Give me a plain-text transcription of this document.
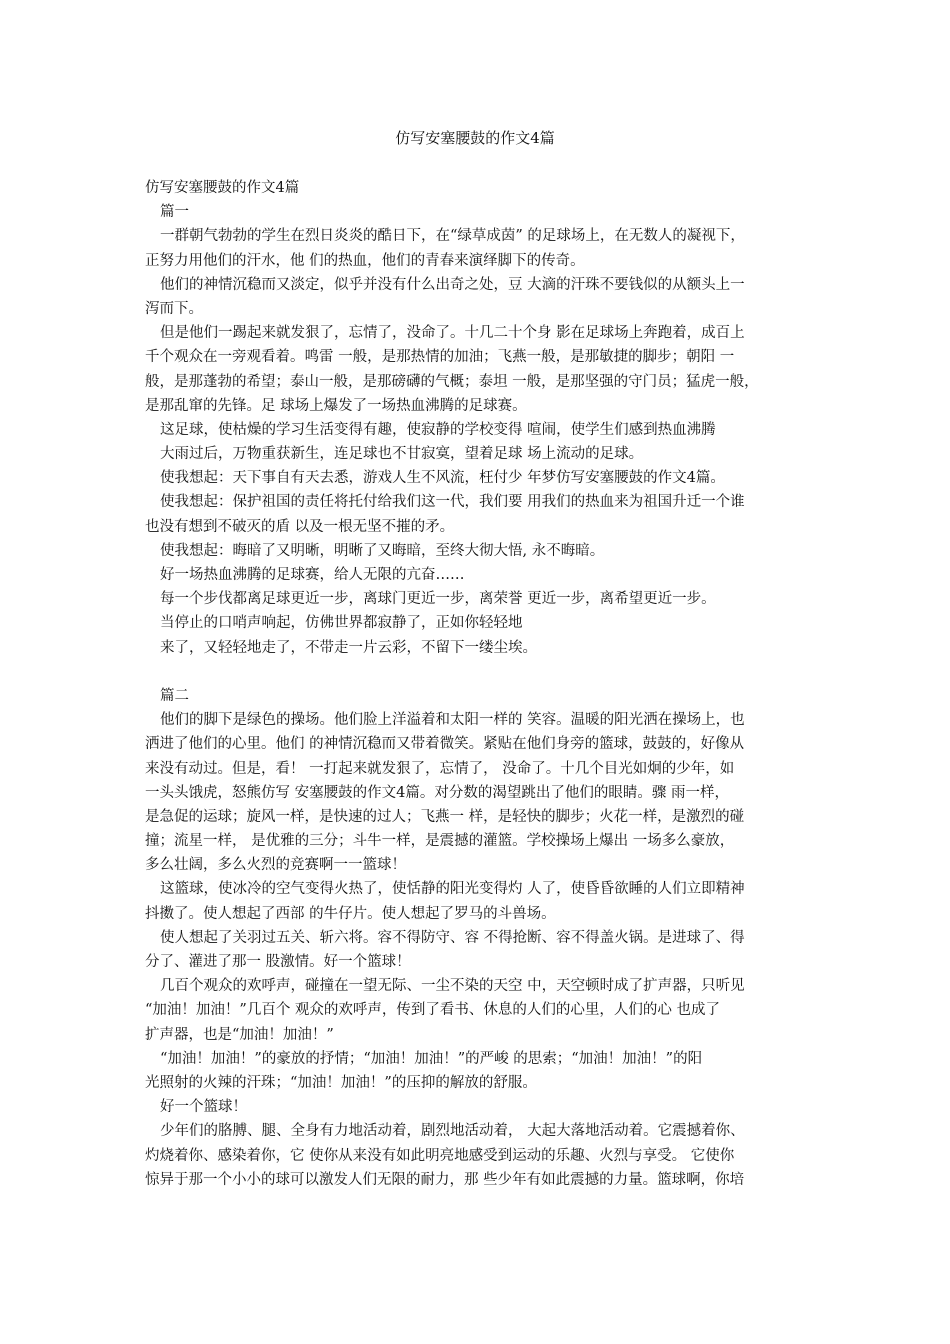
仿写安塞腰鼓的作文4篇
仿写安塞腰鼓的作文4篇
篇一
一群朝气勃勃的学生在烈日炎炎的酷日下，在“绿草成茵” 的足球场上，在无数人的凝视下，
正努力用他们的汗水，他 们的热血，他们的青春来演绎脚下的传奇。
他们的神情沉稳而又淡定，似乎并没有什么出奇之处，豆 大滴的汗珠不要钱似的从额头上一
泻而下。
但是他们一踢起来就发狠了，忘情了，没命了。十几二十个身 影在足球场上奔跑着，成百上
千个观众在一旁观看着。鸣雷 一般，是那热情的加油；飞燕一般，是那敏捷的脚步；朝阳 一
般，是那蓬勃的希望；泰山一般，是那磅礴的气概；泰坦 一般，是那坚强的守门员；猛虎一般，
是那乱窜的先锋。足 球场上爆发了一场热血沸腾的足球赛。
这足球，使枯燥的学习生活变得有趣，使寂静的学校变得 喧闹，使学生们感到热血沸腾
大雨过后，万物重获新生，连足球也不甘寂寞，望着足球 场上流动的足球。
使我想起：天下事自有天去悉，游戏人生不风流，枉付少 年梦仿写安塞腰鼓的作文4篇。
使我想起：保护祖国的责任将托付给我们这一代，我们要 用我们的热血来为祖国升迁一个谁
也没有想到不破灭的盾 以及一根无坚不摧的矛。
使我想起：晦暗了又明晰，明晰了又晦暗，至终大彻大悟, 永不晦暗。
好一场热血沸腾的足球赛，给人无限的亢奋……
每一个步伐都离足球更近一步，离球门更近一步，离荣誉 更近一步，离希望更近一步。
当停止的口哨声响起，仿佛世界都寂静了，正如你轻轻地
来了，又轻轻地走了，不带走一片云彩，不留下一缕尘埃。
篇二
他们的脚下是绿色的操场。他们脸上洋溢着和太阳一样的 笑容。温暖的阳光洒在操场上，也
洒进了他们的心里。他们 的神情沉稳而又带着微笑。紧贴在他们身旁的篮球，鼓鼓的，好像从
来没有动过。但是，看！ 一打起来就发狠了，忘情了， 没命了。十几个目光如炯的少年，如
一头头饿虎，怒熊仿写 安塞腰鼓的作文4篇。对分数的渴望跳出了他们的眼睛。骤 雨一样，
是急促的运球；旋风一样，是快速的过人；飞燕一 样，是轻快的脚步；火花一样，是激烈的碰
撞；流星一样， 是优雅的三分；斗牛一样，是震撼的灌篮。学校操场上爆出 一场多么豪放，
多么壮阔，多么火烈的竞赛啊一一篮球！
这篮球，使冰冷的空气变得火热了，使恬静的阳光变得灼 人了，使昏昏欲睡的人们立即精神
抖擞了。使人想起了西部 的牛仔片。使人想起了罗马的斗兽场。
使人想起了关羽过五关、斩六将。容不得防守、容 不得抢断、容不得盖火锅。是进球了、得
分了、灌进了那一 股激情。好一个篮球！
几百个观众的欢呼声，碰撞在一望无际、一尘不染的天空 中，天空顿时成了扩声器，只听见
“加油！加油！”几百个 观众的欢呼声，传到了看书、休息的人们的心里，人们的心 也成了
扩声器，也是“加油！加油！”
“加油！加油！”的豪放的抒情；“加油！加油！”的严峻 的思索；“加油！加油！”的阳
光照射的火辣的汗珠；“加油！加油！”的压抑的解放的舒服。
好一个篮球！
少年们的胳膊、腿、全身有力地活动着，剧烈地活动着， 大起大落地活动着。它震撼着你、
灼烧着你、感染着你，它 使你从来没有如此明亮地感受到运动的乐趣、火烈与享受。 它使你
惊异于那一个小小的球可以激发人们无限的耐力，那 些少年有如此震撼的力量。篮球啊，你培
